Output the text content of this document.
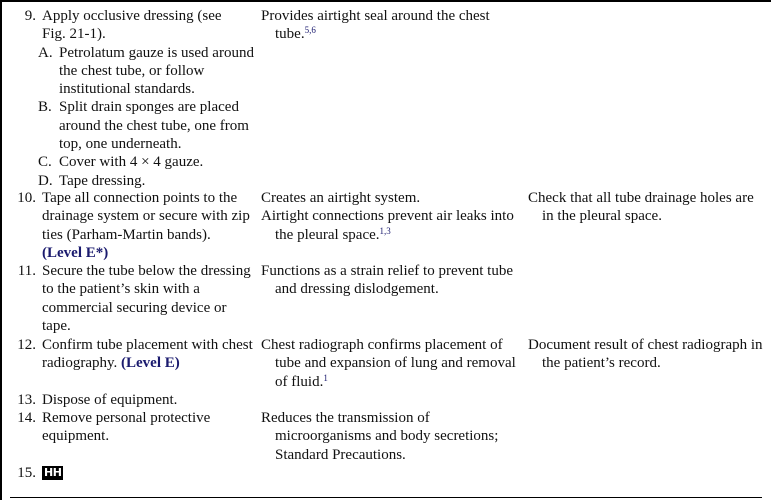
9. Apply occlusive dressing (see Fig. 21-1).
A. Petrolatum gauze is used around the chest tube, or follow institutional standards.
B. Split drain sponges are placed around the chest tube, one from top, one underneath.
C. Cover with 4 × 4 gauze.
D. Tape dressing.
Provides airtight seal around the chest tube.$^{5,6}$
10. Tape all connection points to the drainage system or secure with zip ties (Parham-Martin bands).
(Level E*)
Creates an airtight system.
Airtight connections prevent air leaks into the pleural space.$^{1,3}$
Check that all tube drainage holes are in the pleural space.
11. Secure the tube below the dressing to the patient’s skin with a commercial securing device or tape.
Functions as a strain relief to prevent tube and dressing dislodgement.
12. Confirm tube placement with chest radiography. (Level E)
Chest radiograph confirms placement of tube and expansion of lung and removal of fluid.$^1$
Document result of chest radiograph in the patient’s record.
13. Dispose of equipment.
14. Remove personal protective equipment.
Reduces the transmission of microorganisms and body secretions; Standard Precautions.
15. HH
